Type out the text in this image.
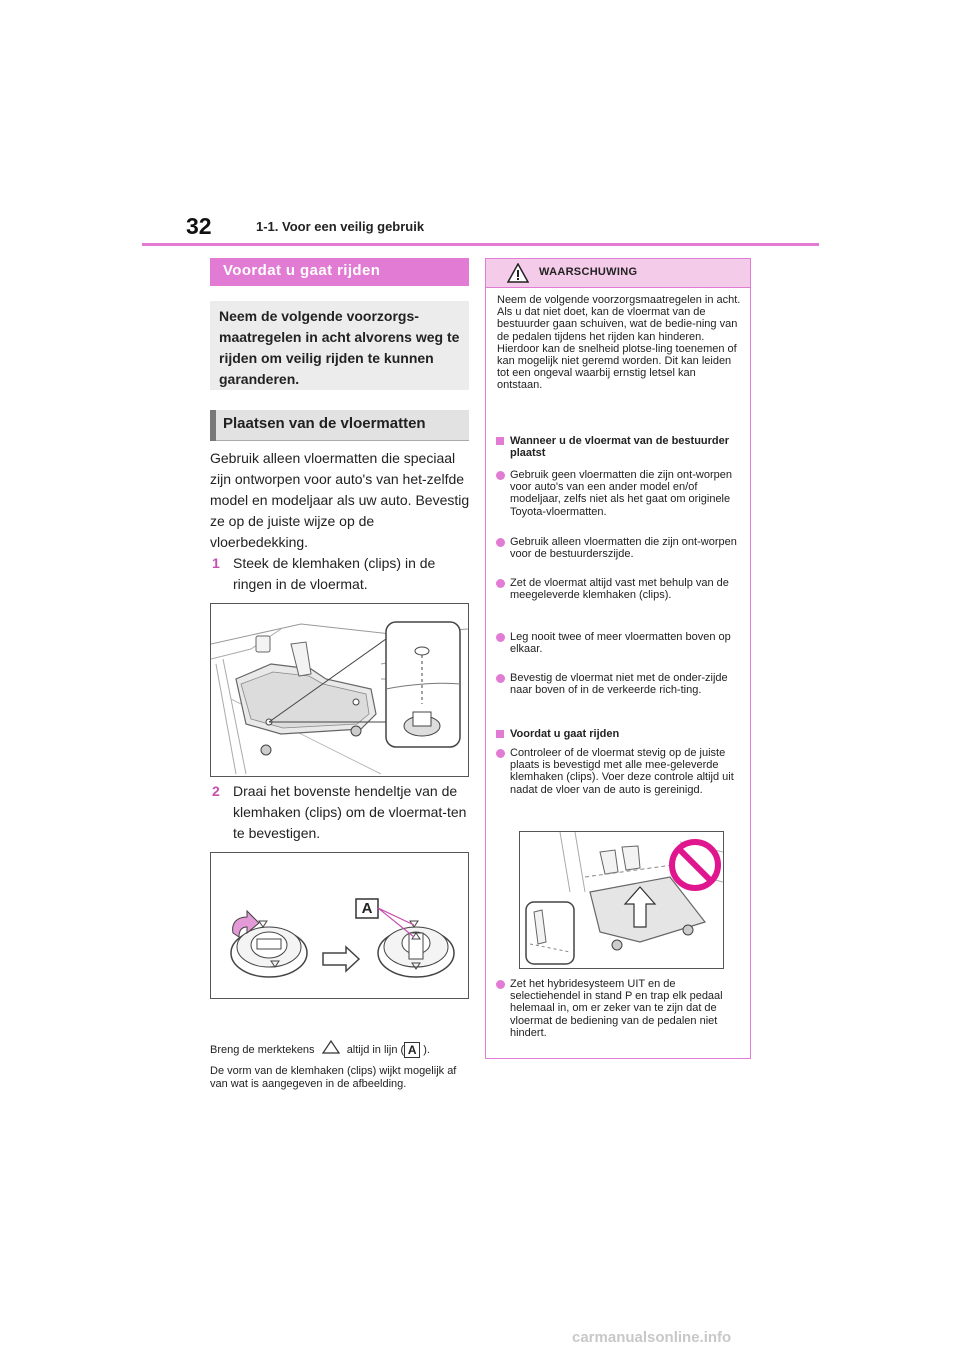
32	1-1. Voor een veilig gebruik
Voordat u gaat rijden

Neem de volgende voorzorgs-maatregelen in acht alvorens weg te rijden om veilig rijden te kunnen garanderen.

Plaatsen van de vloermatten
Gebruik alleen vloermatten die speciaal zijn ontworpen voor auto's van het-zelfde model en modeljaar als uw auto. Bevestig ze op de juiste wijze op de vloerbedekking.
1 Steek de klemhaken (clips) in de ringen in de vloermat.
2 Draai het bovenste hendeltje van de klemhaken (clips) om de vloermat-ten te bevestigen.
A
Breng de merktekens	altijd in lijn ( A ).
De vorm van de klemhaken (clips) wijkt mogelijk af van wat is aangegeven in de afbeelding.
WAARSCHUWING
Neem de volgende voorzorgsmaatregelen in acht. Als u dat niet doet, kan de vloermat van de bestuurder gaan schuiven, wat de bedie-ning van de pedalen tijdens het rijden kan hinderen. Hierdoor kan de snelheid plotse-ling toenemen of kan mogelijk niet geremd worden. Dit kan leiden tot een ongeval waarbij ernstig letsel kan ontstaan.
Wanneer u de vloermat van de bestuurder plaatst
Gebruik geen vloermatten die zijn ont-worpen voor auto's van een ander model en/of modeljaar, zelfs niet als het gaat om originele Toyota-vloermatten.
Gebruik alleen vloermatten die zijn ont-worpen voor de bestuurderszijde.
Zet de vloermat altijd vast met behulp van de meegeleverde klemhaken (clips).
Leg nooit twee of meer vloermatten boven op elkaar.
Bevestig de vloermat niet met de onder-zijde naar boven of in de verkeerde rich-ting.
Voordat u gaat rijden
Controleer of de vloermat stevig op de juiste plaats is bevestigd met alle mee-geleverde klemhaken (clips). Voer deze controle altijd uit nadat de vloer van de auto is gereinigd.
Zet het hybridesysteem UIT en de selectiehendel in stand P en trap elk pedaal helemaal in, om er zeker van te zijn dat de vloermat de bediening van de pedalen niet hindert.
carmanualsonline.info
